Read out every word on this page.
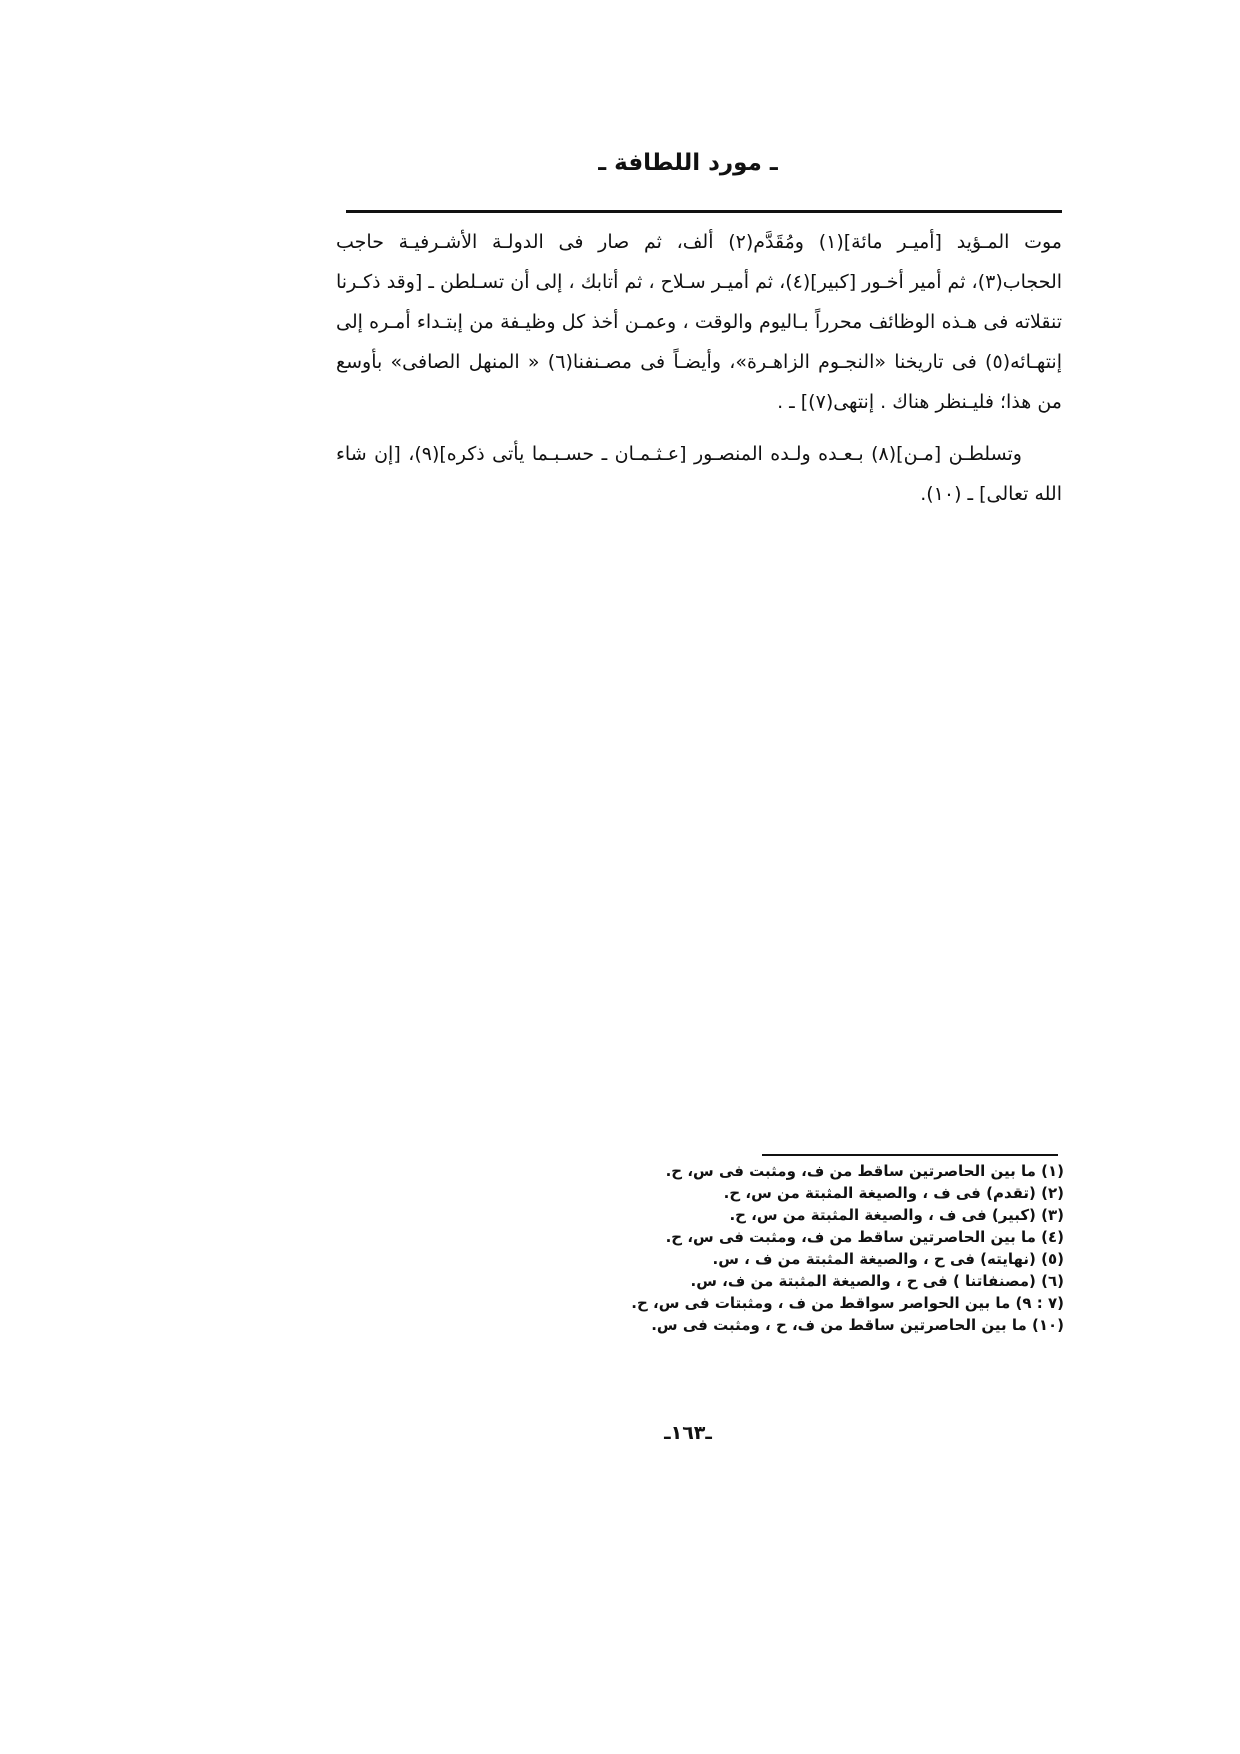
ـ مورد اللطافة ـ

موت المـؤيد [أميـر مائة](١) ومُقَدَّم(٢) ألف، ثم صار فى الدولـة الأشـرفيـة حاجب الحجاب(٣)، ثم أمير أخـور [كبير](٤)، ثم أميـر سـلاح ، ثم أتابك ، إلى أن تسـلطن ـ [وقد ذكـرنا تنقلاته فى هـذه الوظائف محرراً بـاليوم والوقت ، وعمـن أخذ كل وظيـفة من إبتـداء أمـره إلى إنتهـائه(٥) فى تاريخنا «النجـوم الزاهـرة»، وأيضـاً فى مصـنفنا(٦) « المنهل الصافى» بأوسع من هذا؛ فليـنظر هناك . إنتهى(٧)] ـ .

وتسلطـن [مـن](٨) بـعـده ولـده المنصـور [عـثـمـان ـ حسـبـما يأتى ذكره](٩)، [إن شاء الله تعالى] ـ (١٠).

(١) ما بين الحاصرتين ساقط من ف، ومثبت فى س، ح.
(٢) (تقدم) فى ف ، والصيغة المثبتة من س، ح.
(٣) (كبير) فى ف ، والصيغة المثبتة من س، ح.
(٤) ما بين الحاصرتين ساقط من ف، ومثبت فى س، ح.
(٥) (نهايته) فى ح ، والصيغة المثبتة من ف ، س.
(٦) (مصنفاتنا ) فى ح ، والصيغة المثبتة من ف، س.
(٧ : ٩) ما بين الحواصر سواقط من ف ، ومثبتات فى س، ح.
(١٠) ما بين الحاصرتين ساقط من ف، ح ، ومثبت فى س.
ـ١٦٣ـ
